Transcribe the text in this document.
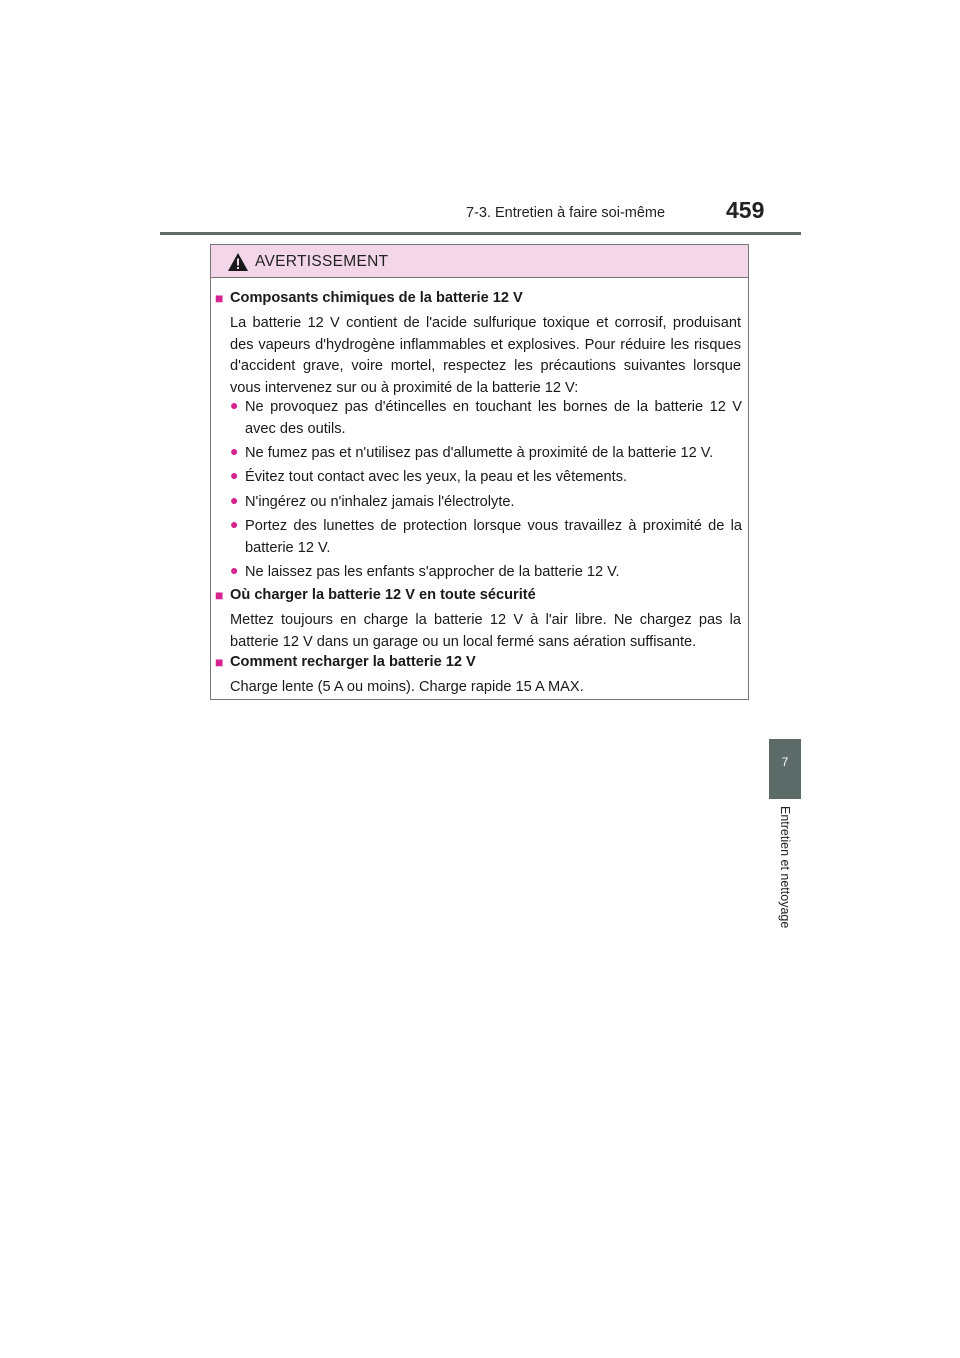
7-3. Entretien à faire soi-même	459
7
Entretien et nettoyage
AVERTISSEMENT
■ Composants chimiques de la batterie 12 V
La batterie 12 V contient de l'acide sulfurique toxique et corrosif, produisant des vapeurs d'hydrogène inflammables et explosives. Pour réduire les risques d'accident grave, voire mortel, respectez les précautions suivantes lorsque vous intervenez sur ou à proximité de la batterie 12 V:
● Ne provoquez pas d'étincelles en touchant les bornes de la batterie 12 V avec des outils.
● Ne fumez pas et n'utilisez pas d'allumette à proximité de la batterie 12 V.
● Évitez tout contact avec les yeux, la peau et les vêtements.
● N'ingérez ou n'inhalez jamais l'électrolyte.
● Portez des lunettes de protection lorsque vous travaillez à proximité de la batterie 12 V.
● Ne laissez pas les enfants s'approcher de la batterie 12 V.
■ Où charger la batterie 12 V en toute sécurité
Mettez toujours en charge la batterie 12 V à l'air libre. Ne chargez pas la batterie 12 V dans un garage ou un local fermé sans aération suffisante.
■ Comment recharger la batterie 12 V
Charge lente (5 A ou moins). Charge rapide 15 A MAX.
